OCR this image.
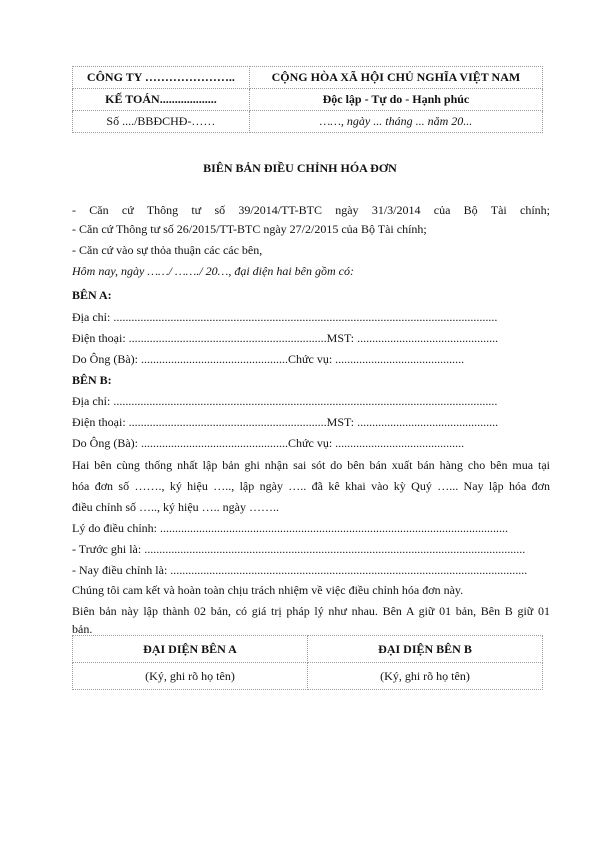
CÔNG TY …………………..	CỘNG HÒA XÃ HỘI CHỦ NGHĨA VIỆT NAM
KẾ TOÁN...................	Độc lập - Tự do - Hạnh phúc
Số ..../BBĐCHĐ-……	……, ngày ... tháng ... năm 20...
BIÊN BẢN ĐIỀU CHỈNH HÓA ĐƠN
- Căn cứ Thông tư số 39/2014/TT-BTC ngày 31/3/2014 của Bộ Tài chính;
- Căn cứ Thông tư số 26/2015/TT-BTC ngày 27/2/2015 của Bộ Tài chính;
- Căn cứ vào sự thỏa thuận các các bên,
Hôm nay, ngày ……/ ……./ 20…, đại diện hai bên gồm có:
BÊN A:
Địa chỉ: ................................................................................................................................
Điện thoại: ..................................................................MST: ...............................................
Do Ông (Bà): .................................................Chức vụ: ...........................................
BÊN B:
Địa chỉ: ................................................................................................................................
Điện thoại: ..................................................................MST: ...............................................
Do Ông (Bà): .................................................Chức vụ: ...........................................
Hai bên cùng thống nhất lập bản ghi nhận sai sót do bên bán xuất bán hàng cho bên mua tại
hóa đơn số ……., ký hiệu ….., lập ngày ….. đã kê khai vào kỳ Quý …... Nay lập hóa đơn
điều chỉnh số ….., ký hiệu ….. ngày ……..
Lý do điều chỉnh: ....................................................................................................................
- Trước ghi là: ...............................................................................................................................
- Nay điều chỉnh là: .......................................................................................................................
Chúng tôi cam kết và hoàn toàn chịu trách nhiệm về việc điều chỉnh hóa đơn này.
Biên bản này lập thành 02 bản, có giá trị pháp lý như nhau. Bên A giữ 01 bản, Bên B giữ 01
bản.
ĐẠI DIỆN BÊN A	ĐẠI DIỆN BÊN B
(Ký, ghi rõ họ tên)	(Ký, ghi rõ họ tên)
